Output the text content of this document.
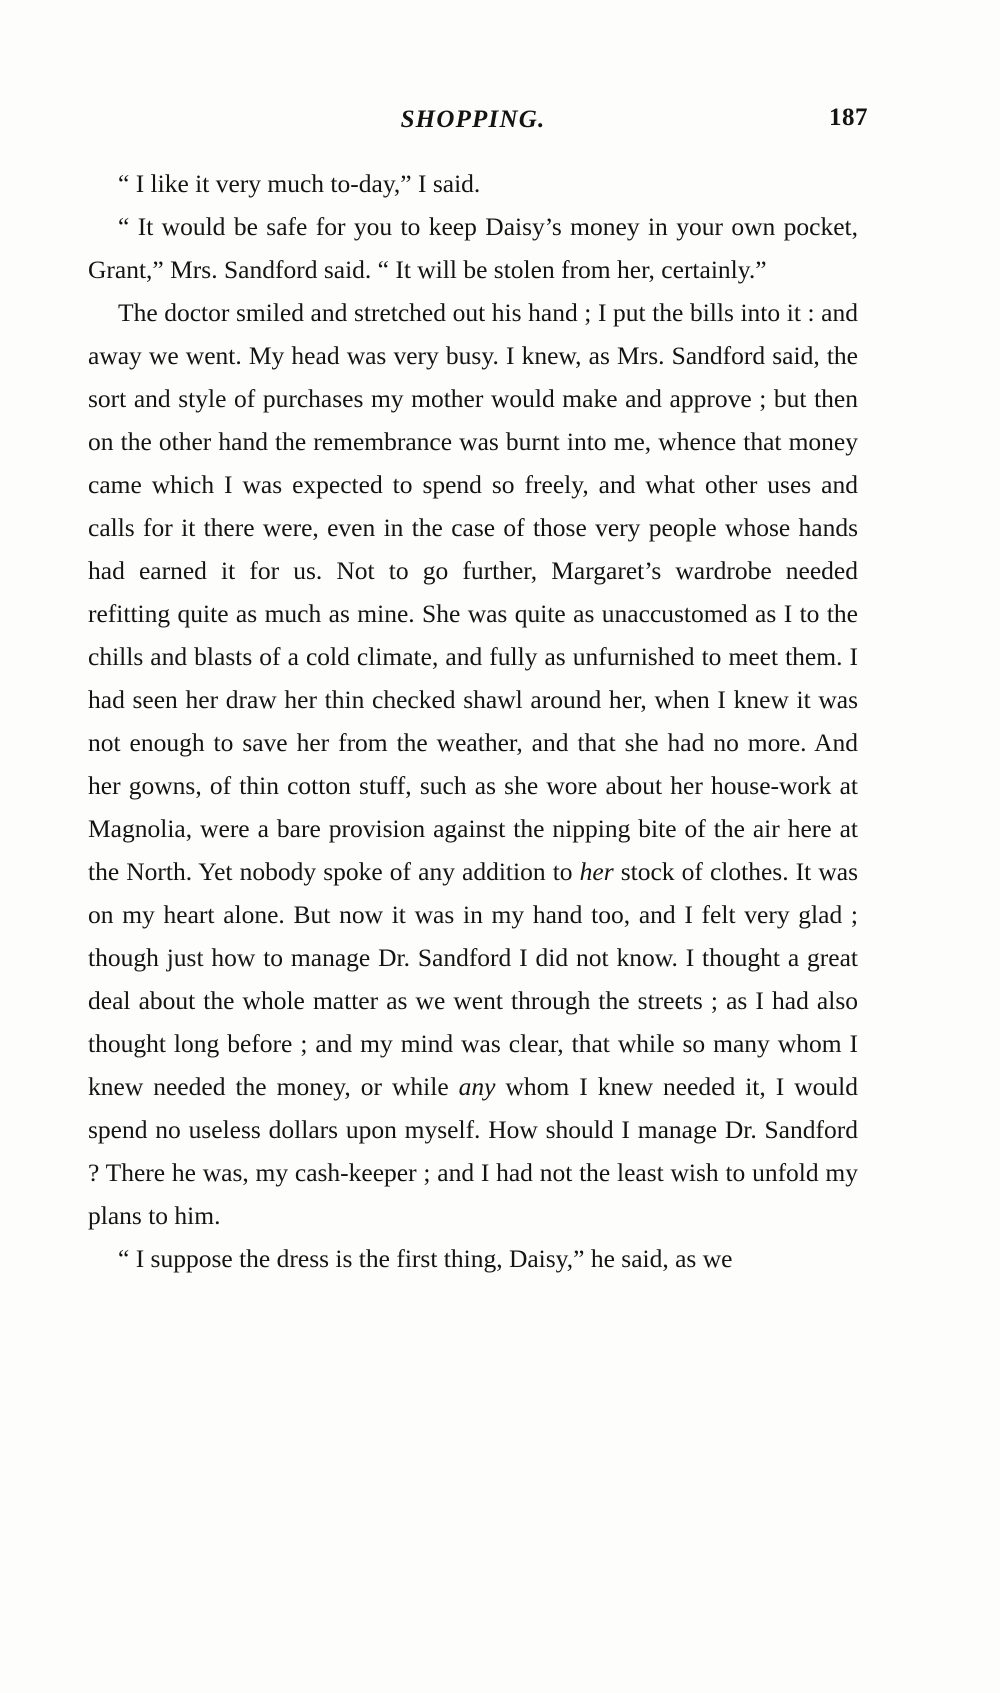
SHOPPING.	187

“ I like it very much to-day,” I said.

“ It would be safe for you to keep Daisy’s money in your own pocket, Grant,” Mrs. Sandford said. “ It will be stolen from her, certainly.”

The doctor smiled and stretched out his hand ; I put the bills into it : and away we went. My head was very busy. I knew, as Mrs. Sandford said, the sort and style of purchases my mother would make and approve ; but then on the other hand the remembrance was burnt into me, whence that money came which I was expected to spend so freely, and what other uses and calls for it there were, even in the case of those very people whose hands had earned it for us. Not to go further, Margaret’s wardrobe needed refitting quite as much as mine. She was quite as unaccustomed as I to the chills and blasts of a cold climate, and fully as unfurnished to meet them. I had seen her draw her thin checked shawl around her, when I knew it was not enough to save her from the weather, and that she had no more. And her gowns, of thin cotton stuff, such as she wore about her house-work at Magnolia, were a bare provision against the nipping bite of the air here at the North. Yet nobody spoke of any addition to her stock of clothes. It was on my heart alone. But now it was in my hand too, and I felt very glad ; though just how to manage Dr. Sandford I did not know. I thought a great deal about the whole matter as we went through the streets ; as I had also thought long before ; and my mind was clear, that while so many whom I knew needed the money, or while any whom I knew needed it, I would spend no useless dollars upon myself. How should I manage Dr. Sandford ? There he was, my cash-keeper ; and I had not the least wish to unfold my plans to him.

“ I suppose the dress is the first thing, Daisy,” he said, as we
